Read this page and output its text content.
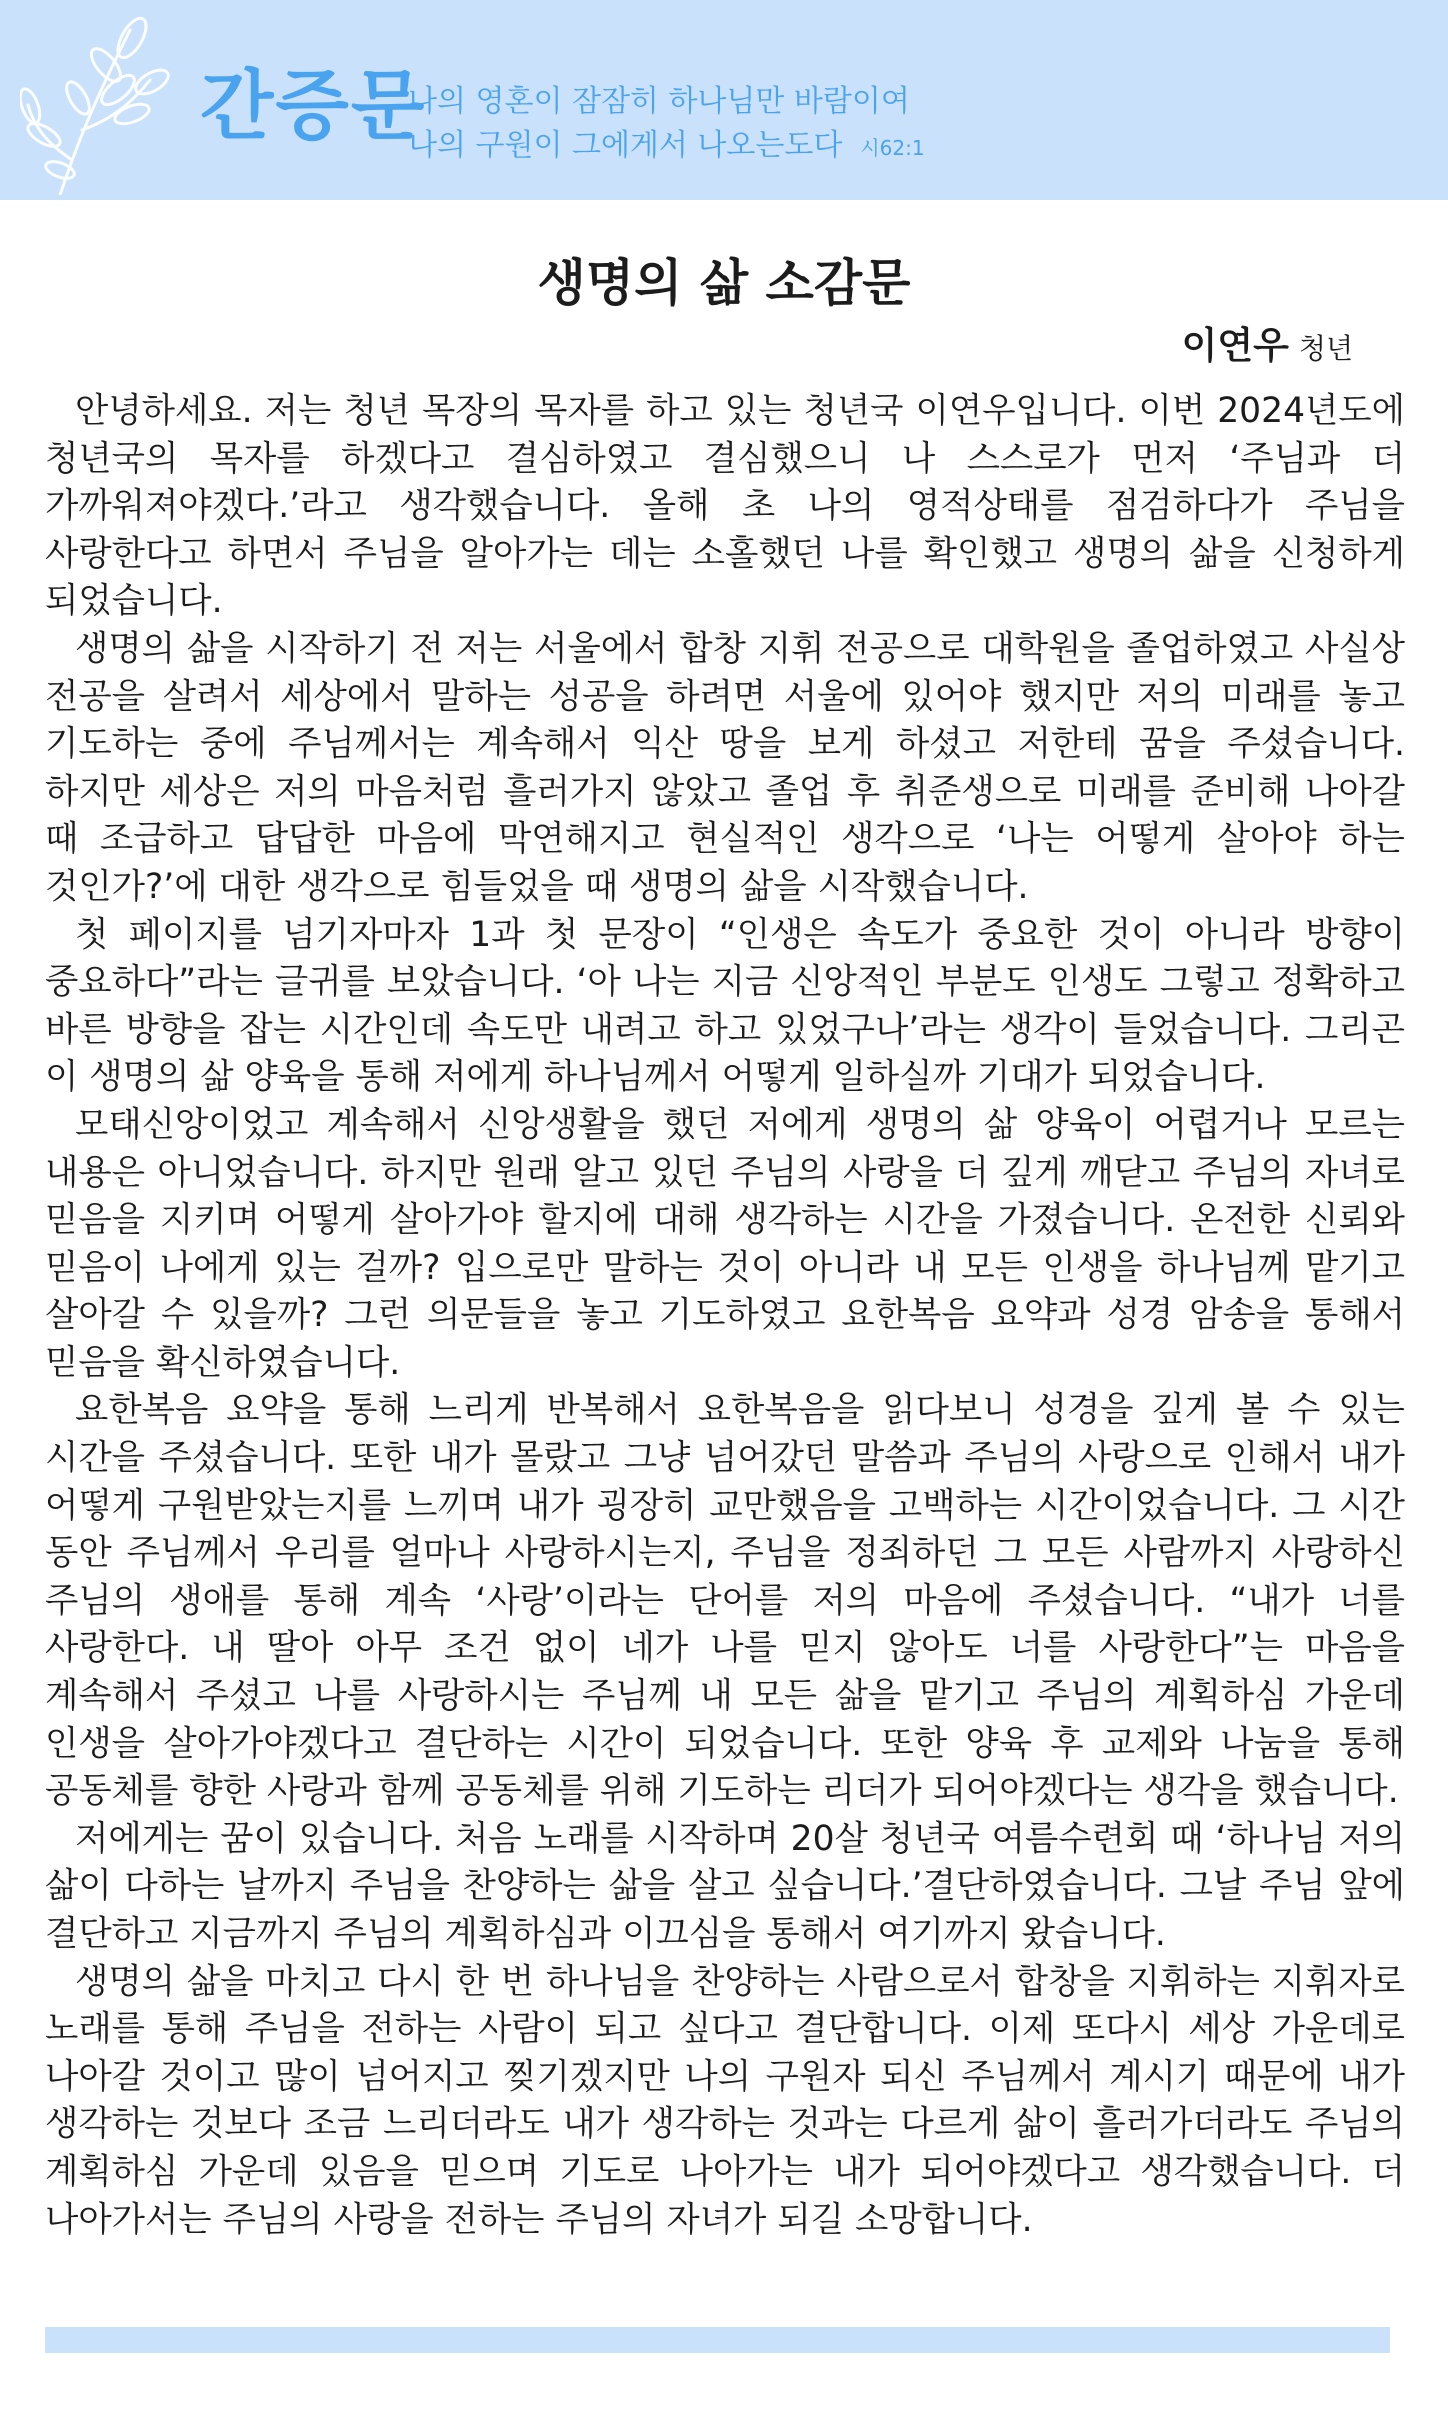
간증문
나의 영혼이 잠잠히 하나님만 바람이여
나의 구원이 그에게서 나오는도다 시62:1
생명의 삶 소감문
이연우 청년

안녕하세요. 저는 청년 목장의 목자를 하고 있는 청년국 이연우입니다. 이번 2024년도에 청년국의 목자를 하겠다고 결심하였고 결심했으니 나 스스로가 먼저 ‘주님과 더 가까워져야겠다.’라고 생각했습니다. 올해 초 나의 영적상태를 점검하다가 주님을 사랑한다고 하면서 주님을 알아가는 데는 소홀했던 나를 확인했고 생명의 삶을 신청하게 되었습니다.

생명의 삶을 시작하기 전 저는 서울에서 합창 지휘 전공으로 대학원을 졸업하였고 사실상 전공을 살려서 세상에서 말하는 성공을 하려면 서울에 있어야 했지만 저의 미래를 놓고 기도하는 중에 주님께서는 계속해서 익산 땅을 보게 하셨고 저한테 꿈을 주셨습니다. 하지만 세상은 저의 마음처럼 흘러가지 않았고 졸업 후 취준생으로 미래를 준비해 나아갈 때 조급하고 답답한 마음에 막연해지고 현실적인 생각으로 ‘나는 어떻게 살아야 하는 것인가?’에 대한 생각으로 힘들었을 때 생명의 삶을 시작했습니다.

첫 페이지를 넘기자마자 1과 첫 문장이 “인생은 속도가 중요한 것이 아니라 방향이 중요하다”라는 글귀를 보았습니다. ‘아 나는 지금 신앙적인 부분도 인생도 그렇고 정확하고 바른 방향을 잡는 시간인데 속도만 내려고 하고 있었구나’라는 생각이 들었습니다. 그리곤 이 생명의 삶 양육을 통해 저에게 하나님께서 어떻게 일하실까 기대가 되었습니다.

모태신앙이었고 계속해서 신앙생활을 했던 저에게 생명의 삶 양육이 어렵거나 모르는 내용은 아니었습니다. 하지만 원래 알고 있던 주님의 사랑을 더 깊게 깨닫고 주님의 자녀로 믿음을 지키며 어떻게 살아가야 할지에 대해 생각하는 시간을 가졌습니다. 온전한 신뢰와 믿음이 나에게 있는 걸까? 입으로만 말하는 것이 아니라 내 모든 인생을 하나님께 맡기고 살아갈 수 있을까? 그런 의문들을 놓고 기도하였고 요한복음 요약과 성경 암송을 통해서 믿음을 확신하였습니다.

요한복음 요약을 통해 느리게 반복해서 요한복음을 읽다보니 성경을 깊게 볼 수 있는 시간을 주셨습니다. 또한 내가 몰랐고 그냥 넘어갔던 말씀과 주님의 사랑으로 인해서 내가 어떻게 구원받았는지를 느끼며 내가 굉장히 교만했음을 고백하는 시간이었습니다. 그 시간 동안 주님께서 우리를 얼마나 사랑하시는지, 주님을 정죄하던 그 모든 사람까지 사랑하신 주님의 생애를 통해 계속 ‘사랑’이라는 단어를 저의 마음에 주셨습니다. “내가 너를 사랑한다. 내 딸아 아무 조건 없이 네가 나를 믿지 않아도 너를 사랑한다”는 마음을 계속해서 주셨고 나를 사랑하시는 주님께 내 모든 삶을 맡기고 주님의 계획하심 가운데 인생을 살아가야겠다고 결단하는 시간이 되었습니다. 또한 양육 후 교제와 나눔을 통해 공동체를 향한 사랑과 함께 공동체를 위해 기도하는 리더가 되어야겠다는 생각을 했습니다.

저에게는 꿈이 있습니다. 처음 노래를 시작하며 20살 청년국 여름수련회 때 ‘하나님 저의 삶이 다하는 날까지 주님을 찬양하는 삶을 살고 싶습니다.’결단하였습니다. 그날 주님 앞에 결단하고 지금까지 주님의 계획하심과 이끄심을 통해서 여기까지 왔습니다.

생명의 삶을 마치고 다시 한 번 하나님을 찬양하는 사람으로서 합창을 지휘하는 지휘자로 노래를 통해 주님을 전하는 사람이 되고 싶다고 결단합니다. 이제 또다시 세상 가운데로 나아갈 것이고 많이 넘어지고 찢기겠지만 나의 구원자 되신 주님께서 계시기 때문에 내가 생각하는 것보다 조금 느리더라도 내가 생각하는 것과는 다르게 삶이 흘러가더라도 주님의 계획하심 가운데 있음을 믿으며 기도로 나아가는 내가 되어야겠다고 생각했습니다. 더 나아가서는 주님의 사랑을 전하는 주님의 자녀가 되길 소망합니다.
